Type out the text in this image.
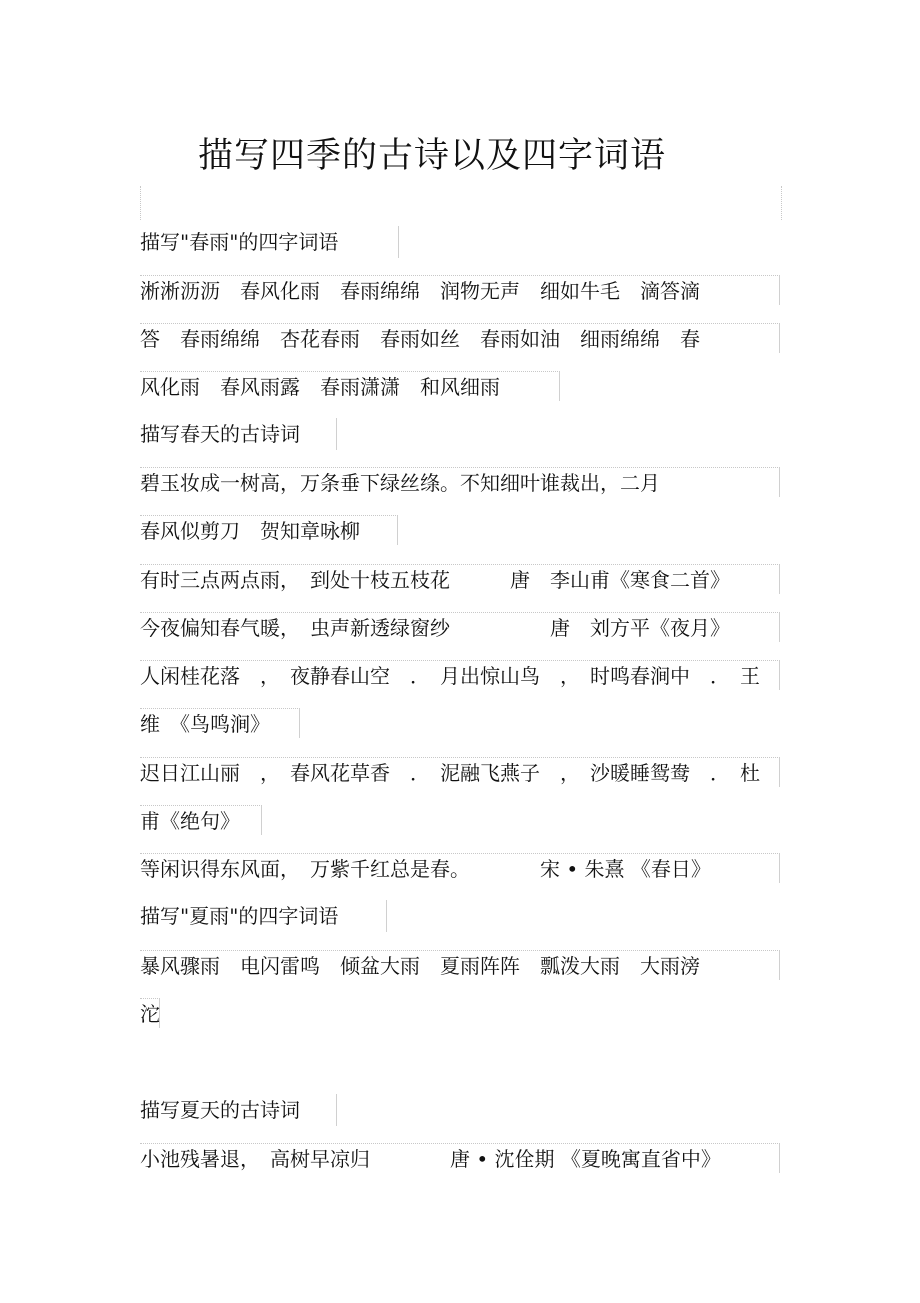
描写四季的古诗以及四字词语
描写"春雨"的四字词语
淅淅沥沥　春风化雨　春雨绵绵　润物无声　细如牛毛　滴答滴
答　春雨绵绵　杏花春雨　春雨如丝　春雨如油　细雨绵绵　春
风化雨　春风雨露　春雨潇潇　和风细雨
描写春天的古诗词
碧玉妆成一树高，万条垂下绿丝绦。不知细叶谁裁出，二月
春风似剪刀　贺知章咏柳
有时三点两点雨，　到处十枝五枝花　　　唐　李山甫《寒食二首》
今夜偏知春气暖，　虫声新透绿窗纱　　　　　唐　刘方平《夜月》
人闲桂花落　，　夜静春山空　．　月出惊山鸟　，　时鸣春涧中　．　王
维　《鸟鸣涧》
迟日江山丽　，　春风花草香　．　泥融飞燕子　，　沙暖睡鸳鸯　．　杜
甫《绝句》
等闲识得东风面，　万紫千红总是春。　　　　宋 • 朱熹 《春日》
描写"夏雨"的四字词语
暴风骤雨　电闪雷鸣　倾盆大雨　夏雨阵阵　瓢泼大雨　大雨滂
沱
描写夏天的古诗词
小池残暑退，　高树早凉归　　　　唐 • 沈佺期 《夏晚寓直省中》
